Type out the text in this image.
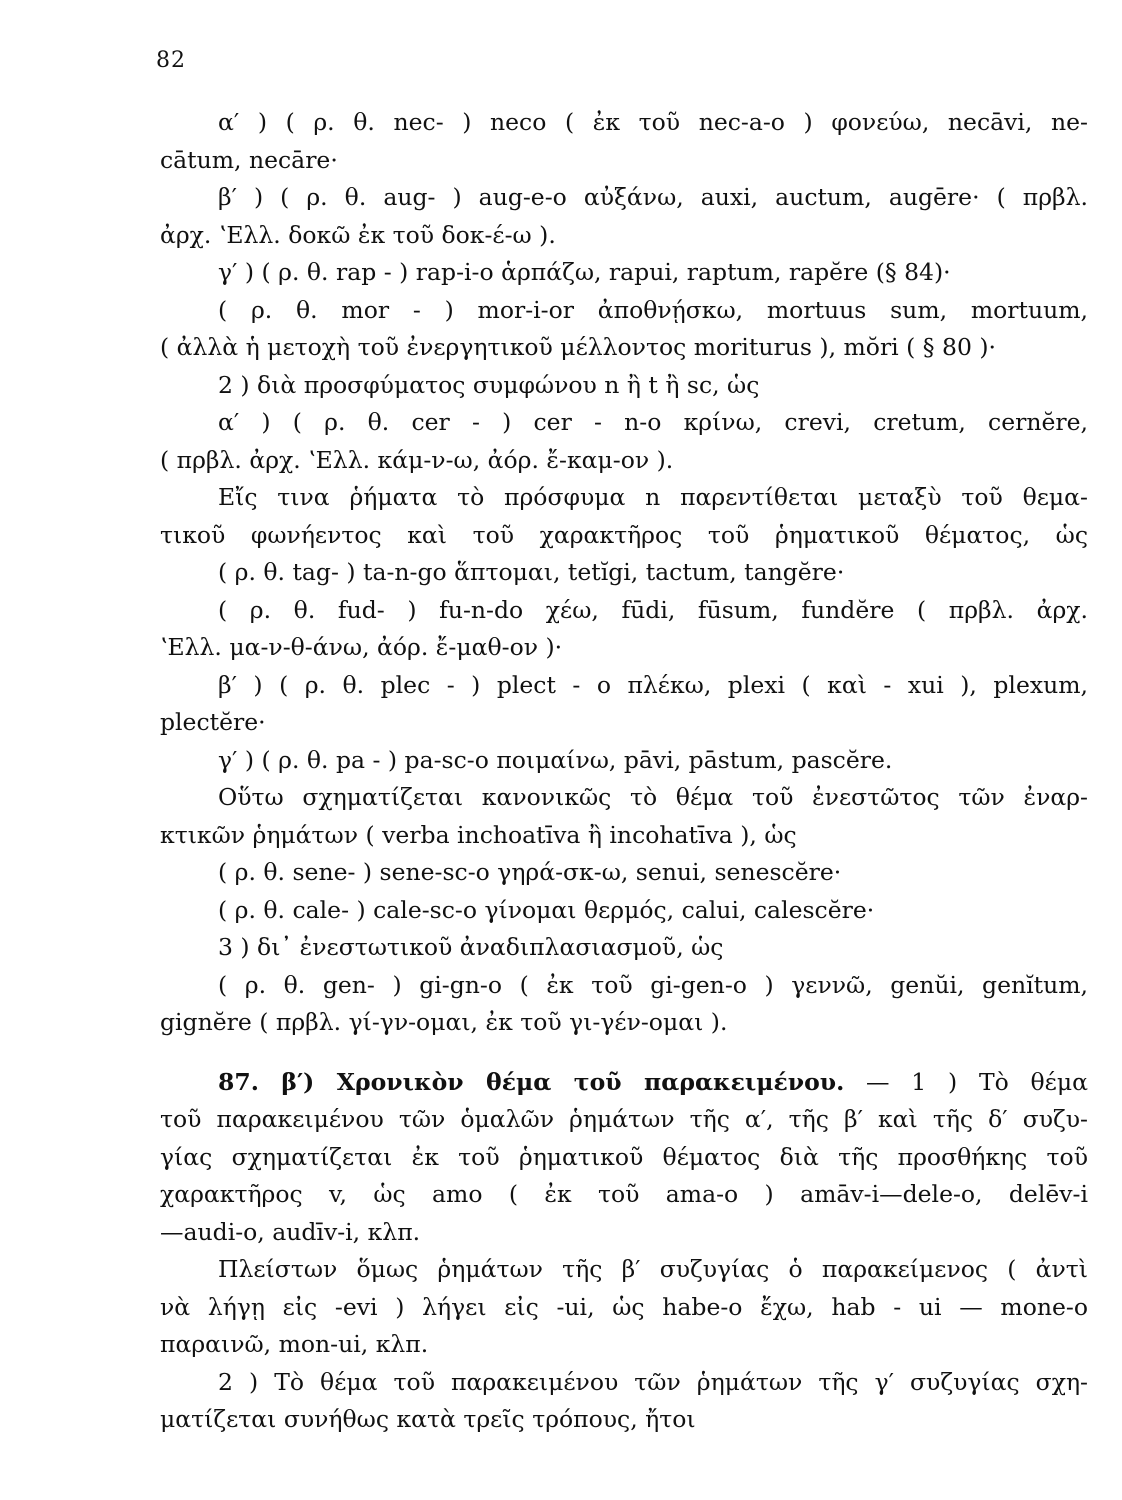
82
α′ ) ( ρ. θ. nec- ) neco ( ἐκ τοῦ nec-a-o ) φονεύω, necāvi, ne-
cātum, necāre·
β′ ) ( ρ. θ. aug- ) aug-e-o αὐξάνω, auxi, auctum, augēre· ( πρβλ.
ἀρχ. ʽΕλλ. δοκῶ ἐκ τοῦ δοκ-έ-ω ).
γ′ ) ( ρ. θ. rap - ) rap-i-o ἁρπάζω, rapui, raptum, rapĕre (§ 84)·
( ρ. θ. mor - ) mor-i-or ἀποθνῄσκω, mortuus sum, mortuum,
( ἀλλὰ ἡ μετοχὴ τοῦ ἐνεργητικοῦ μέλλοντος moriturus ), mŏri ( § 80 )·
2 ) διὰ προσφύματος συμφώνου n ἢ t ἢ sc, ὡς
α′ ) ( ρ. θ. cer - ) cer - n-o κρίνω, crevi, cretum, cernĕre,
( πρβλ. ἀρχ. ʽΕλλ. κάμ-ν-ω, ἀόρ. ἔ-καμ-ον ).
Εἴς τινα ῥήματα τὸ πρόσφυμα n παρεντίθεται μεταξὺ τοῦ θεμα-
τικοῦ φωνήεντος καὶ τοῦ χαρακτῆρος τοῦ ῥηματικοῦ θέματος, ὡς
( ρ. θ. tag- ) ta-n-go ἅπτομαι, tetĭgi, tactum, tangĕre·
( ρ. θ. fud- ) fu-n-do χέω, fūdi, fūsum, fundĕre ( πρβλ. ἀρχ.
ʽΕλλ. μα-ν-θ-άνω, ἀόρ. ἔ-μαθ-ον )·
β′ ) ( ρ. θ. plec - ) plect - o πλέκω, plexi ( καὶ - xui ), plexum,
plectĕre·
γ′ ) ( ρ. θ. pa - ) pa-sc-o ποιμαίνω, pāvi, pāstum, pascĕre.
Οὕτω σχηματίζεται κανονικῶς τὸ θέμα τοῦ ἐνεστῶτος τῶν ἐναρ-
κτικῶν ῥημάτων ( verba inchoatīva ἢ incohatīva ), ὡς
( ρ. θ. sene- ) sene-sc-o γηρά-σκ-ω, senui, senescĕre·
( ρ. θ. cale- ) cale-sc-o γίνομαι θερμός, calui, calescĕre·
3 ) δι᾽ ἐνεστωτικοῦ ἀναδιπλασιασμοῦ, ὡς
( ρ. θ. gen- ) gi-gn-o ( ἐκ τοῦ gi-gen-o ) γεννῶ, genŭi, genĭtum,
gignĕre ( πρβλ. γί-γν-ομαι, ἐκ τοῦ γι-γέν-ομαι ).
87. β′) Χρονικὸν θέμα τοῦ παρακειμένου. — 1 ) Τὸ θέμα
τοῦ παρακειμένου τῶν ὁμαλῶν ῥημάτων τῆς α′, τῆς β′ καὶ τῆς δ′ συζυ-
γίας σχηματίζεται ἐκ τοῦ ῥηματικοῦ θέματος διὰ τῆς προσθήκης τοῦ
χαρακτῆρος v, ὡς amo ( ἐκ τοῦ ama-o ) amāv-i—dele-o, delēv-i
—audi-o, audīv-i, κλπ.
Πλείστων ὅμως ῥημάτων τῆς β′ συζυγίας ὁ παρακείμενος ( ἀντὶ
νὰ λήγῃ εἰς -evi ) λήγει εἰς -ui, ὡς habe-o ἔχω, hab - ui — mone-o
παραινῶ, mon-ui, κλπ.
2 ) Τὸ θέμα τοῦ παρακειμένου τῶν ῥημάτων τῆς γ′ συζυγίας σχη-
ματίζεται συνήθως κατὰ τρεῖς τρόπους, ἤτοι
